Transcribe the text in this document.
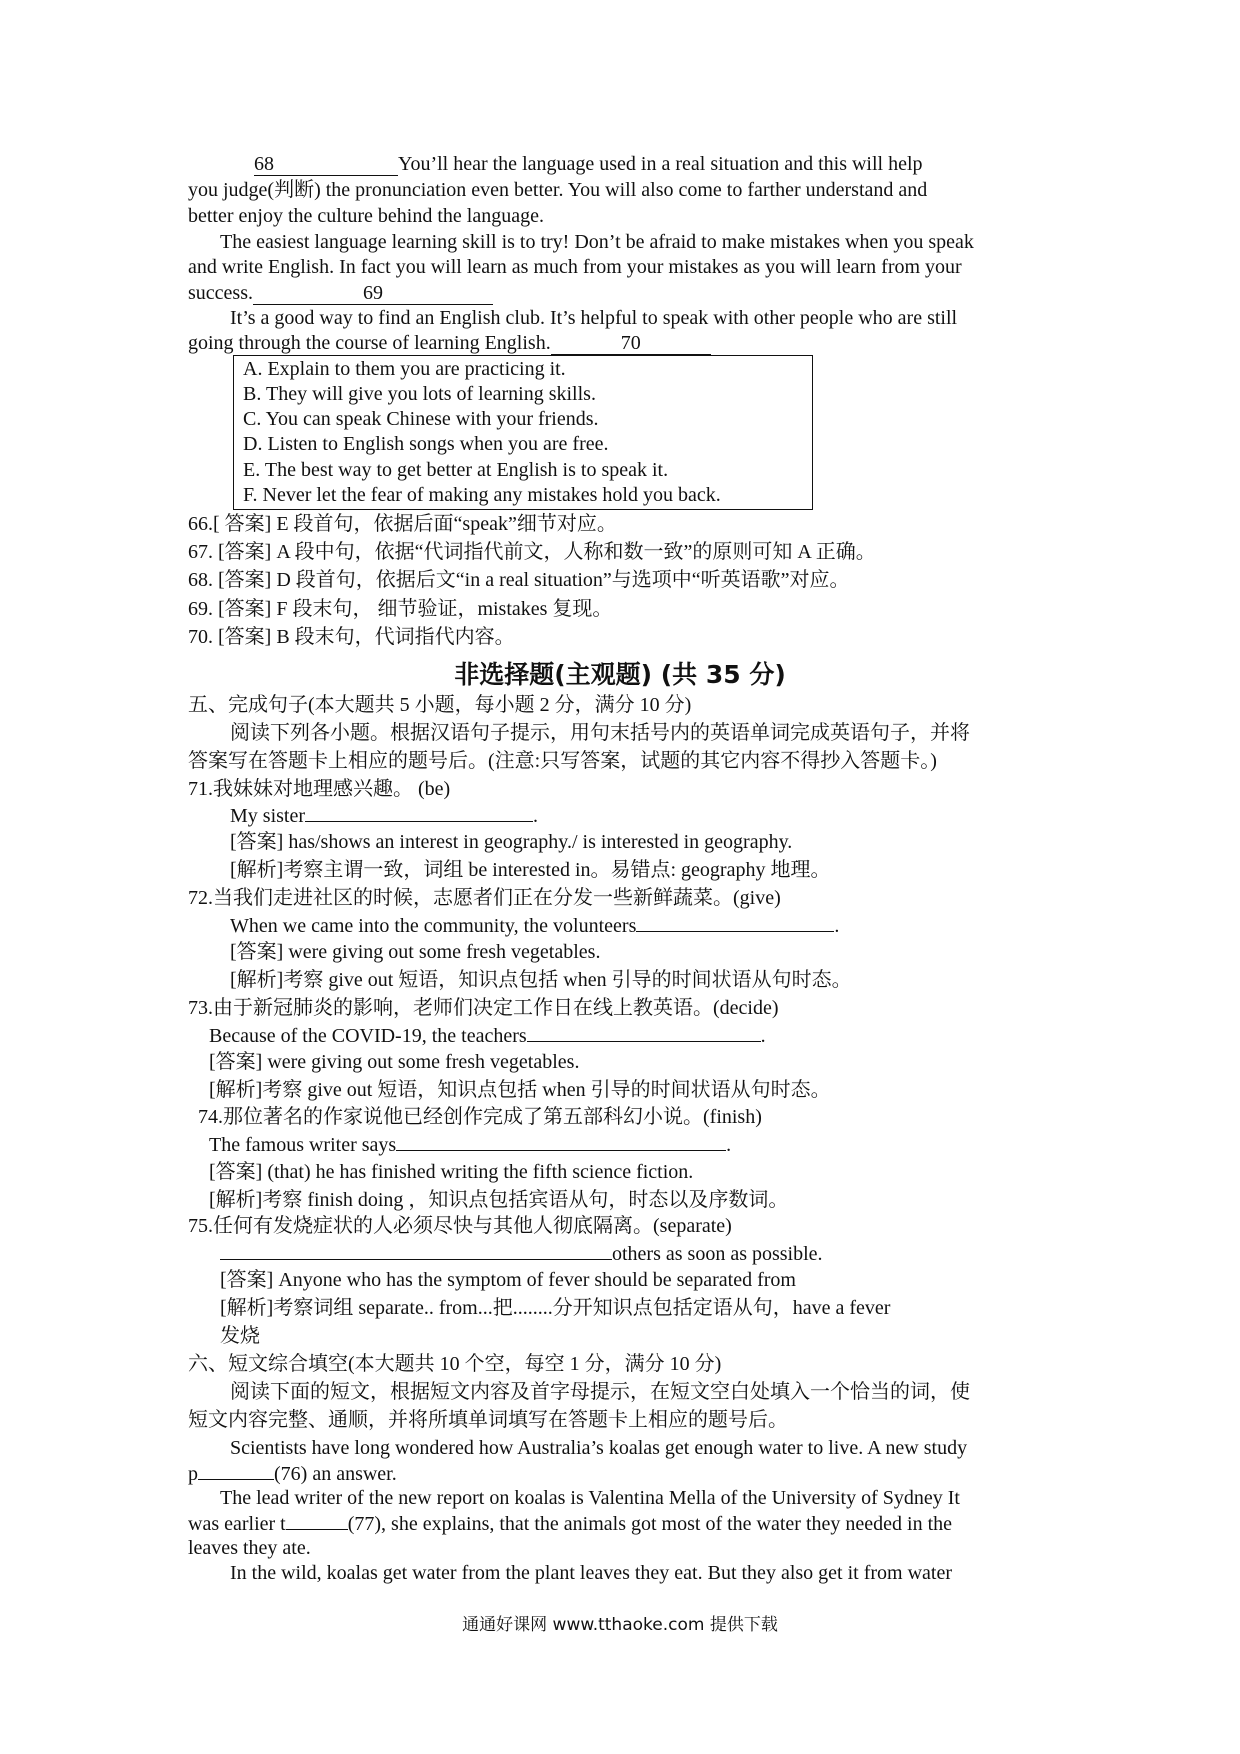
68	You’ll hear the language used in a real situation and this will help
you judge(判断) the pronunciation even better. You will also come to farther understand and
better enjoy the culture behind the language.
The easiest language learning skill is to try! Don’t be afraid to make mistakes when you speak
and write English. In fact you will learn as much from your mistakes as you will learn from your
success.	69
It’s a good way to find an English club. It’s helpful to speak with other people who are still
going through the course of learning English.	70
A. Explain to them you are practicing it.
B. They will give you lots of learning skills.
C. You can speak Chinese with your friends.
D. Listen to English songs when you are free.
E. The best way to get better at English is to speak it.
F. Never let the fear of making any mistakes hold you back.
66.[ 答案] E 段首句，依据后面“speak”细节对应。
67. [答案] A 段中句，依据“代词指代前文，人称和数一致”的原则可知 A 正确。
68. [答案] D 段首句，依据后文“in a real situation”与选项中“听英语歌”对应。
69. [答案] F 段末句， 细节验证，mistakes 复现。
70. [答案] B 段末句，代词指代内容。
非选择题(主观题) (共 35 分)
五、完成句子(本大题共 5 小题，每小题 2 分，满分 10 分)
阅读下列各小题。根据汉语句子提示，用句末括号内的英语单词完成英语句子，并将
答案写在答题卡上相应的题号后。(注意:只写答案，试题的其它内容不得抄入答题卡。)
71.我妹妹对地理感兴趣。 (be)
My sister	.
[答案] has/shows an interest in geography./ is interested in geography.
[解析]考察主谓一致，词组 be interested in。易错点: geography 地理。
72.当我们走进社区的时候，志愿者们正在分发一些新鲜蔬菜。(give)
When we came into the community, the volunteers	.
[答案] were giving out some fresh vegetables.
[解析]考察 give out 短语，知识点包括 when 引导的时间状语从句时态。
73.由于新冠肺炎的影响，老师们决定工作日在线上教英语。(decide)
Because of the COVID-19, the teachers	.
[答案] were giving out some fresh vegetables.
[解析]考察 give out 短语，知识点包括 when 引导的时间状语从句时态。
74.那位著名的作家说他已经创作完成了第五部科幻小说。(finish)
The famous writer says	.
[答案] (that) he has finished writing the fifth science fiction.
[解析]考察 finish doing ，知识点包括宾语从句，时态以及序数词。
75.任何有发烧症状的人必须尽快与其他人彻底隔离。(separate)
others as soon as possible.
[答案] Anyone who has the symptom of fever should be separated from
[解析]考察词组 separate.. from...把........分开知识点包括定语从句，have a fever
发烧
六、短文综合填空(本大题共 10 个空，每空 1 分，满分 10 分)
阅读下面的短文，根据短文内容及首字母提示，在短文空白处填入一个恰当的词，使
短文内容完整、通顺，并将所填单词填写在答题卡上相应的题号后。
Scientists have long wondered how Australia’s koalas get enough water to live. A new study
p	(76) an answer.
The lead writer of the new report on koalas is Valentina Mella of the University of Sydney It
was earlier t	(77), she explains, that the animals got most of the water they needed in the
leaves they ate.
In the wild, koalas get water from the plant leaves they eat. But they also get it from water
通通好课网 www.tthaoke.com 提供下载
